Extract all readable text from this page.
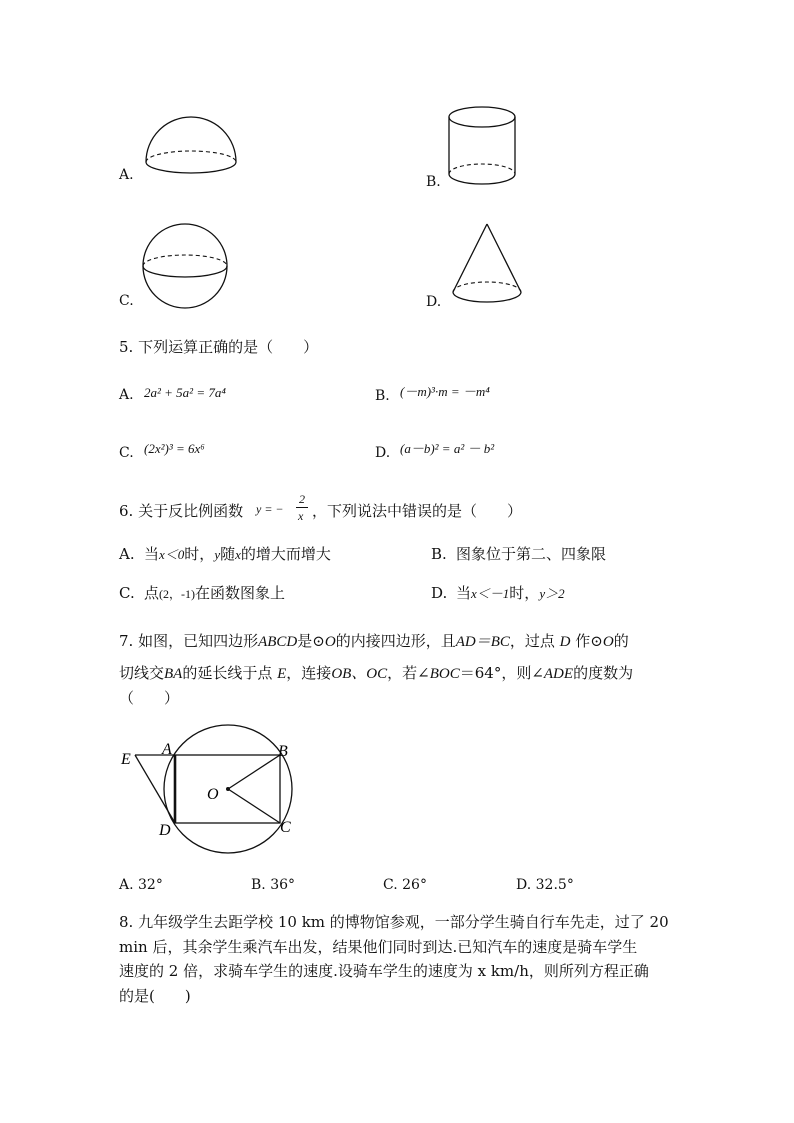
A.	B.
C.	D.
5. 下列运算正确的是（　　）
A. 2a² + 5a² = 7a⁴	B. (－m)³·m = －m⁴
C. (2x²)³ = 6x⁶	D. (a－b)² = a² － b²
6. 关于反比例函数 y = −
2
x ，下列说法中错误的是（　　）
A. 当x＜0时，y随x的增大而增大	B. 图象位于第二、四象限
C. 点(2，-1)在函数图象上	D. 当x＜－1时，y＞2
7. 如图，已知四边形ABCD是⊙O的内接四边形，且AD＝BC，过点 D 作⊙O的
切线交BA的延长线于点 E，连接OB、OC，若∠BOC＝64°，则∠ADE的度数为
（　　）
E
A	B
O
D	C
A. 32°	B. 36°	C. 26°	D. 32.5°
8. 九年级学生去距学校 10 km 的博物馆参观，一部分学生骑自行车先走，过了 20
min 后，其余学生乘汽车出发，结果他们同时到达.已知汽车的速度是骑车学生
速度的 2 倍，求骑车学生的速度.设骑车学生的速度为 x km/h，则所列方程正确
的是(　　)
